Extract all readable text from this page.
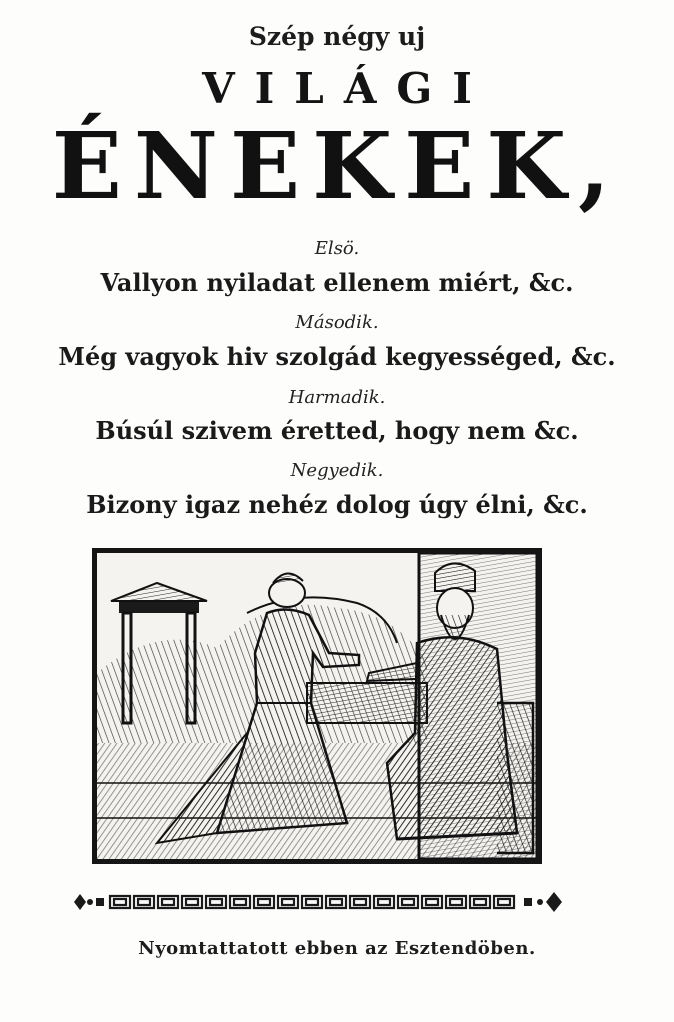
Szép négy uj
VILÁGI
ÉNEKEK,
Elsö.
Vallyon nyiladat ellenem miért, &c.
Második.
Még vagyok hiv szolgád kegyességed, &c.
Harmadik.
Búsúl szivem éretted, hogy nem &c.
Negyedik.
Bizony igaz nehéz dolog úgy élni, &c.
Nyomtattatott ebben az Esztendöben.
